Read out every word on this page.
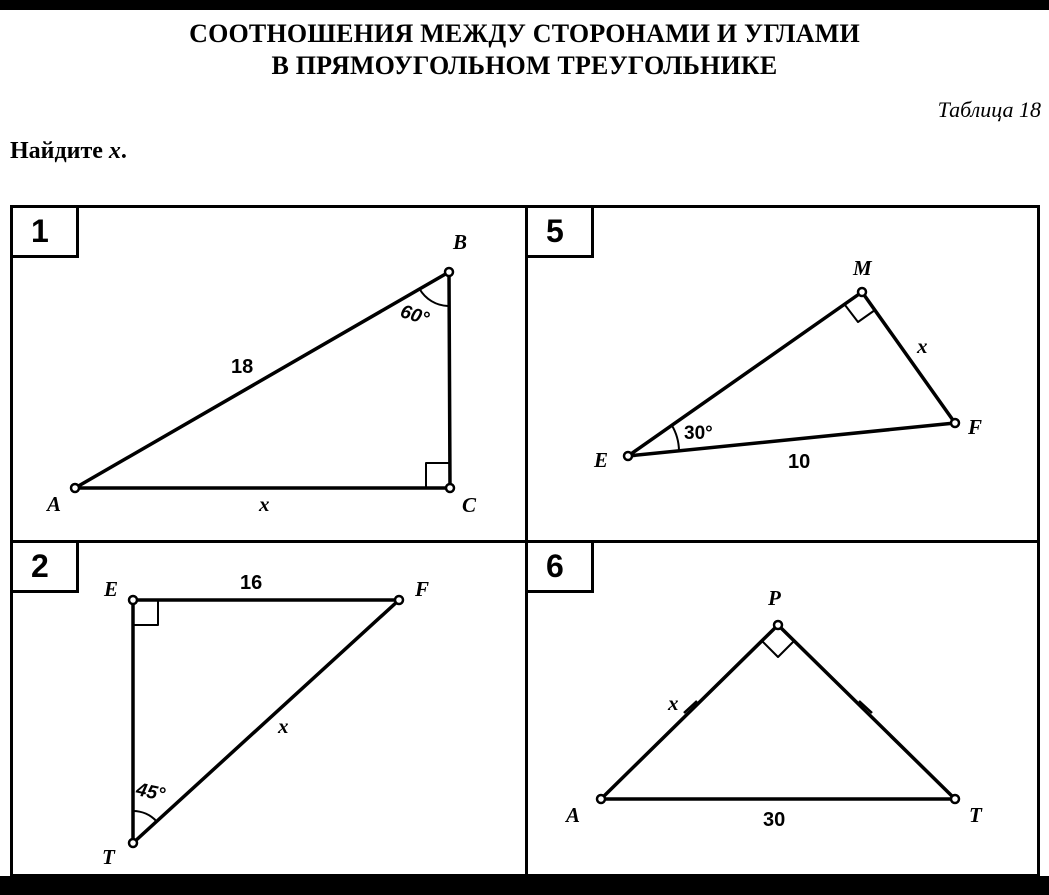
СООТНОШЕНИЯ МЕЖДУ СТОРОНАМИ И УГЛАМИ
В ПРЯМОУГОЛЬНОМ ТРЕУГОЛЬНИКЕ
Таблица 18
Найдите x.
1
2
5
6
B
A	C
18
x
60°
E	F
T
16
x
45°
M
E
F
x
10
30°
P
A	T
x
30
